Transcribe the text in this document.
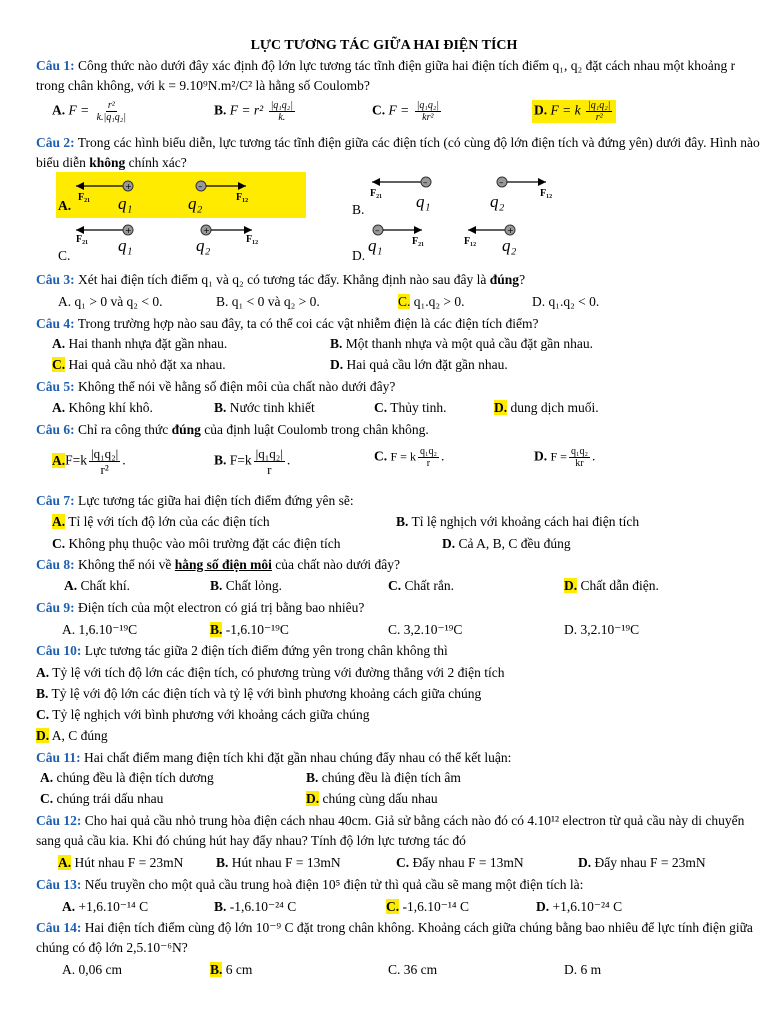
LỰC TƯƠNG TÁC GIỮA HAI ĐIỆN TÍCH
Câu 1: Công thức nào dưới đây xác định độ lớn lực tương tác tĩnh điện giữa hai điện tích điểm q₁, q₂ đặt cách nhau một khoảng r trong chân không, với k = 9.10⁹N.m²/C² là hằng số Coulomb?
A. $F = \frac{\text{r²}}{\text{k.|q₁q₂|}}$	B. $F = r^2 \frac{\text{|q₁q₂|}}{k.}$	C. $F = \frac{\text{|q₁q₂|}}{\text{kr²}}$	D. F = k $\frac{\text{|q₁q₂|}}{\text{r²}}$
Câu 2: Trong các hình biểu diễn, lực tương tác tĩnh điện giữa các điện tích (có cùng độ lớn điện tích và đứng yên) dưới đây. Hình nào biểu diễn không chính xác?
A.
+	–
F₂₁ q₁	q₂	F₁₂
B.
–	–
F₂₁ q₁	q₂	F₁₂
C.
+	+
F₂₁ q₁	q₂	F₁₂
D.
–	+
q₁	F₂₁	F₁₂ q₂
Câu 3: Xét hai điện tích điểm q₁ và q₂ có tương tác đẩy. Khẳng định nào sau đây là đúng?
A. q₁ > 0 và q₂ < 0.	B. q₁ < 0 và q₂ > 0.	C. q₁.q₂ > 0.	D. q₁.q₂ < 0.
Câu 4: Trong trường hợp nào sau đây, ta có thể coi các vật nhiễm điện là các điện tích điểm?
A. Hai thanh nhựa đặt gần nhau.	B. Một thanh nhựa và một quả cầu đặt gần nhau.
C. Hai quả cầu nhỏ đặt xa nhau.	D. Hai quả cầu lớn đặt gần nhau.
Câu 5: Không thể nói về hằng số điện môi của chất nào dưới đây?
A. Không khí khô.	B. Nước tinh khiết	C. Thủy tinh.	D. dung dịch muối.
Câu 6: Chỉ ra công thức đúng của định luật Coulomb trong chân không.
$A.F=k \frac{\text{|q₁q₂|}}{\text{r²}}$ .	B. $F=k \frac{\text{|q₁q₂|}}{r}$ .	C. F = k $\frac{\text{q₁q₂}}{r}$ .	D. $F = \frac{\text{q₁q₂}}{kr}$ .
Câu 7: Lực tương tác giữa hai điện tích điểm đứng yên sẽ:
A. Tỉ lệ với tích độ lớn của các điện tích	B. Tỉ lệ nghịch với khoảng cách hai điện tích
C. Không phụ thuộc vào môi trường đặt các điện tích	D. Cả A, B, C đều đúng
Câu 8: Không thể nói về hằng số điện môi của chất nào dưới đây?
A. Chất khí.	B. Chất lỏng.	C. Chất rắn.	D. Chất dẫn điện.
Câu 9: Điện tích của một electron có giá trị bằng bao nhiêu?
A. 1,6.10⁻¹⁹C	B. -1,6.10⁻¹⁹C	C. 3,2.10⁻¹⁹C	D. 3,2.10⁻¹⁹C
Câu 10: Lực tương tác giữa 2 điện tích điểm đứng yên trong chân không thì
A. Tỷ lệ với tích độ lớn các điện tích, có phương trùng với đường thẳng với 2 điện tích
B. Tỷ lệ với độ lớn các điện tích và tỷ lệ với bình phương khoảng cách giữa chúng
C. Tỷ lệ nghịch với bình phương với khoảng cách giữa chúng
D. A, C đúng
Câu 11: Hai chất điểm mang điện tích khi đặt gần nhau chúng đẩy nhau có thể kết luận:
A. chúng đều là điện tích dương	B. chúng đều là điện tích âm
C. chúng trái dấu nhau	D. chúng cùng dấu nhau
Câu 12: Cho hai quả cầu nhỏ trung hòa điện cách nhau 40cm. Giả sử bằng cách nào đó có 4.10¹² electron từ quả cầu này di chuyển sang quả cầu kia. Khi đó chúng hút hay đẩy nhau? Tính độ lớn lực tương tác đó
A. Hút nhau F = 23mN B. Hút nhau F = 13mN	C. Đẩy nhau F = 13mN	D. Đẩy nhau F = 23mN
Câu 13: Nếu truyền cho một quả cầu trung hoà điện 10⁵ điện tử thì quả cầu sẽ mang một điện tích là:
A. +1,6.10⁻¹⁴ C	B. -1,6.10⁻²⁴ C	C. -1,6.10⁻¹⁴ C	D. +1,6.10⁻²⁴ C
Câu 14: Hai điện tích điểm cùng độ lớn 10⁻⁹ C đặt trong chân không. Khoảng cách giữa chúng bằng bao nhiêu để lực tính điện giữa chúng có độ lớn 2,5.10⁻⁶N?
A. 0,06 cm	B. 6 cm	C. 36 cm	D. 6 m
